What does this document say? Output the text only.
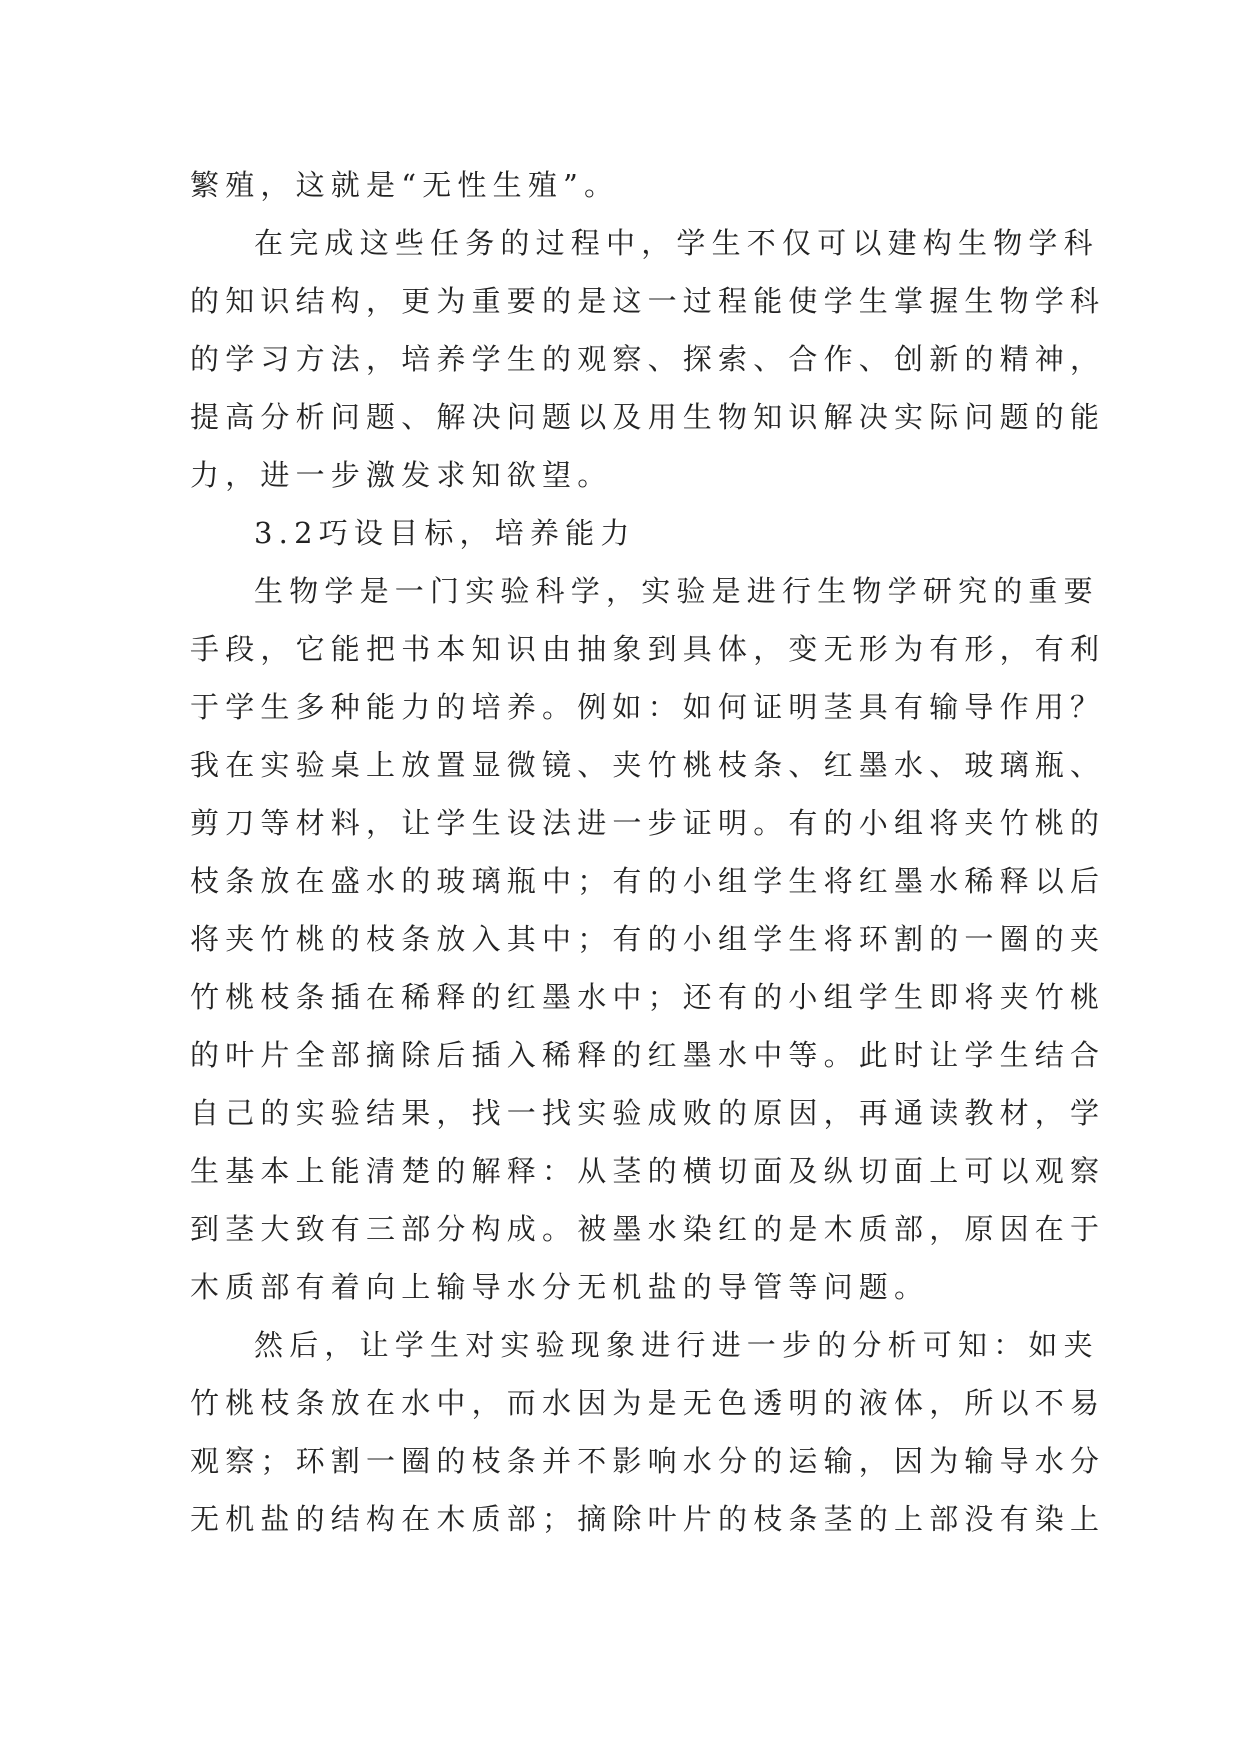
繁殖，这就是“无性生殖”。
在完成这些任务的过程中，学生不仅可以建构生物学科
的知识结构，更为重要的是这一过程能使学生掌握生物学科
的学习方法，培养学生的观察、探索、合作、创新的精神，
提高分析问题、解决问题以及用生物知识解决实际问题的能
力，进一步激发求知欲望。
3.2巧设目标，培养能力
生物学是一门实验科学，实验是进行生物学研究的重要
手段，它能把书本知识由抽象到具体，变无形为有形，有利
于学生多种能力的培养。例如：如何证明茎具有输导作用？
我在实验桌上放置显微镜、夹竹桃枝条、红墨水、玻璃瓶、
剪刀等材料，让学生设法进一步证明。有的小组将夹竹桃的
枝条放在盛水的玻璃瓶中；有的小组学生将红墨水稀释以后
将夹竹桃的枝条放入其中；有的小组学生将环割的一圈的夹
竹桃枝条插在稀释的红墨水中；还有的小组学生即将夹竹桃
的叶片全部摘除后插入稀释的红墨水中等。此时让学生结合
自己的实验结果，找一找实验成败的原因，再通读教材，学
生基本上能清楚的解释：从茎的横切面及纵切面上可以观察
到茎大致有三部分构成。被墨水染红的是木质部，原因在于
木质部有着向上输导水分无机盐的导管等问题。
然后，让学生对实验现象进行进一步的分析可知：如夹
竹桃枝条放在水中，而水因为是无色透明的液体，所以不易
观察；环割一圈的枝条并不影响水分的运输，因为输导水分
无机盐的结构在木质部；摘除叶片的枝条茎的上部没有染上
